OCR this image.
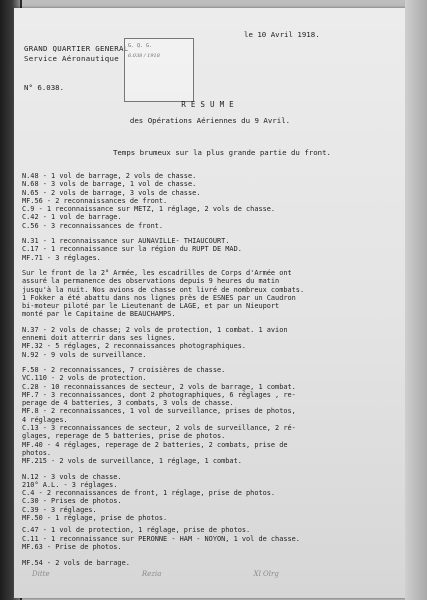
GRAND QUARTIER GENERAL
Service Aéronautique
G. Q. G.
6.038 / 1918
le 10 Avril 1918.
N° 6.038.
RESUME
des Opérations Aériennes du 9 Avril.
Temps brumeux sur la plus grande partie du front.
N.48 - 1 vol de barrage, 2 vols de chasse.
N.68 - 3 vols de barrage, 1 vol de chasse.
N.65 - 2 vols de barrage, 3 vols de chasse.
MF.56 - 2 reconnaissances de front.
C.9 - 1 reconnaissance sur METZ, 1 réglage, 2 vols de chasse.
C.42 - 1 vol de barrage.
C.56 - 3 reconnaissances de front.
N.31 - 1 reconnaissance sur AUNAVILLE- THIAUCOURT.
C.17 - 1 reconnaissance sur la région du RUPT DE MAD.
MF.71 - 3 réglages.
Sur le front de la 2° Armée, les escadrilles de Corps d'Armée ont
assuré la permanence des observations depuis 9 heures du matin
jusqu'à la nuit. Nos avions de chasse ont livré de nombreux combats.
1 Fokker a été abattu dans nos lignes près de ESNES par un Caudron
bi-moteur piloté par le Lieutenant de LAGE, et par un Nieuport
monté par le Capitaine de BEAUCHAMPS.
N.37 - 2 vols de chasse; 2 vols de protection, 1 combat. 1 avion
ennemi doit atterrir dans ses lignes.
MF.32 - 5 réglages, 2 reconnaissances photographiques.
N.92 - 9 vols de surveillance.
F.58 - 2 reconnaissances, 7 croisières de chasse.
VC.110 - 2 vols de protection.
C.28 - 10 reconnaissances de secteur, 2 vols de barrage, 1 combat.
MF.7 - 3 reconnaissances, dont 2 photographiques, 6 réglages , re-
perage de 4 batteries, 3 combats, 3 vols de chasse.
MF.8 - 2 reconnaissances, 1 vol de surveillance, prises de photos,
4 réglages.
C.13 - 3 reconnaissances de secteur, 2 vols de surveillance, 2 ré-
glages, reperage de 5 batteries, prise de photos.
MF.40 - 4 réglages, reperage de 2 batteries, 2 combats, prise de
photos.
MF.215 - 2 vols de surveillance, 1 réglage, 1 combat.
N.12 - 3 vols de chasse.
210° A.L. - 3 réglages.
C.4 - 2 reconnaissances de front, 1 réglage, prise de photos.
C.30 - Prises de photos.
C.39 - 3 réglages.
MF.50 - 1 réglage, prise de photos.
C.47 - 1 vol de protection, 1 réglage, prise de photos.
C.11 - 1 reconnaissance sur PERONNE - HAM - NOYON, 1 vol de chasse.
MF.63 - Prise de photos.

MF.54 - 2 vols de barrage.
Ditte	Rezia	Xl Olrg
